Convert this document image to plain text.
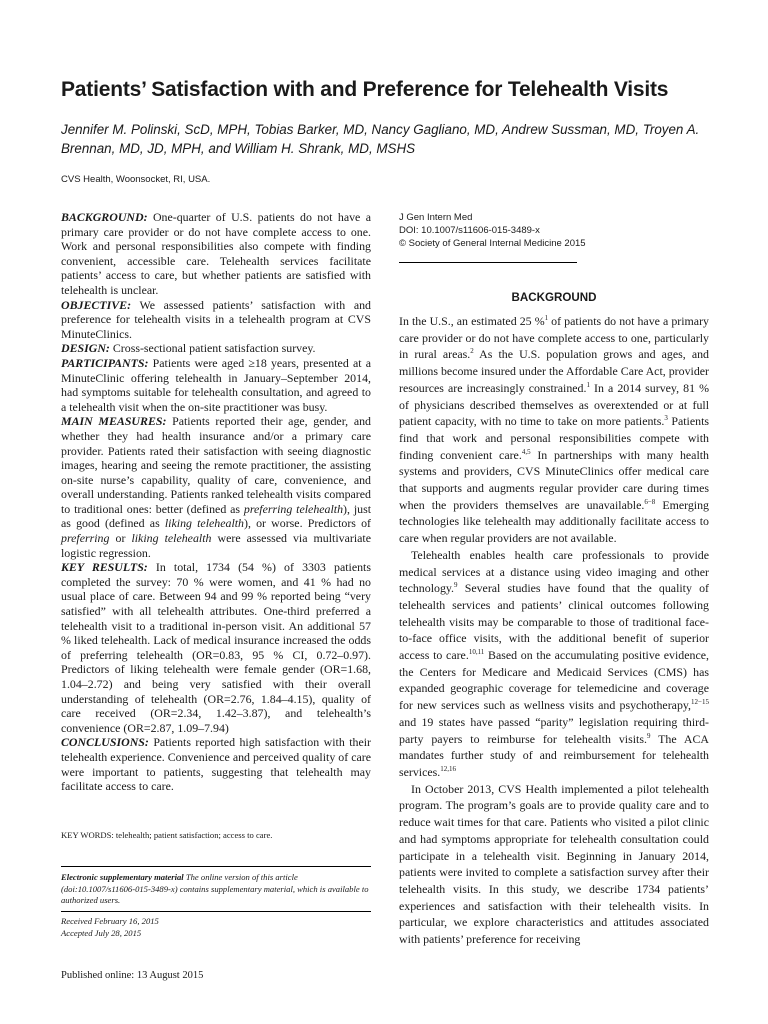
Patients’ Satisfaction with and Preference for Telehealth Visits
Jennifer M. Polinski, ScD, MPH, Tobias Barker, MD, Nancy Gagliano, MD, Andrew Sussman, MD, Troyen A. Brennan, MD, JD, MPH, and William H. Shrank, MD, MSHS
CVS Health, Woonsocket, RI, USA.

BACKGROUND: One-quarter of U.S. patients do not have a primary care provider or do not have complete access to one. Work and personal responsibilities also compete with finding convenient, accessible care. Telehealth services facilitate patients’ access to care, but whether patients are satisfied with telehealth is unclear.

OBJECTIVE: We assessed patients’ satisfaction with and preference for telehealth visits in a telehealth program at CVS MinuteClinics.

DESIGN: Cross-sectional patient satisfaction survey.

PARTICIPANTS: Patients were aged ≥18 years, presented at a MinuteClinic offering telehealth in January–September 2014, had symptoms suitable for telehealth consultation, and agreed to a telehealth visit when the on-site practitioner was busy.

MAIN MEASURES: Patients reported their age, gender, and whether they had health insurance and/or a primary care provider. Patients rated their satisfaction with seeing diagnostic images, hearing and seeing the remote practitioner, the assisting on-site nurse’s capability, quality of care, convenience, and overall understanding. Patients ranked telehealth visits compared to traditional ones: better (defined as preferring telehealth), just as good (defined as liking telehealth), or worse. Predictors of preferring or liking telehealth were assessed via multivariate logistic regression.

KEY RESULTS: In total, 1734 (54 %) of 3303 patients completed the survey: 70 % were women, and 41 % had no usual place of care. Between 94 and 99 % reported being “very satisfied” with all telehealth attributes. One-third preferred a telehealth visit to a traditional in-person visit. An additional 57 % liked telehealth. Lack of medical insurance increased the odds of preferring telehealth (OR=0.83, 95 % CI, 0.72–0.97). Predictors of liking telehealth were female gender (OR=1.68, 1.04–2.72) and being very satisfied with their overall understanding of telehealth (OR=2.76, 1.84–4.15), quality of care received (OR=2.34, 1.42–3.87), and telehealth’s convenience (OR=2.87, 1.09–7.94)

CONCLUSIONS: Patients reported high satisfaction with their telehealth experience. Convenience and perceived quality of care were important to patients, suggesting that telehealth may facilitate access to care.

KEY WORDS: telehealth; patient satisfaction; access to care.
Electronic supplementary material The online version of this article (doi:10.1007/s11606-015-3489-x) contains supplementary material, which is available to authorized users.
Received February 16, 2015
Accepted July 28, 2015
Published online: 13 August 2015
J Gen Intern Med
DOI: 10.1007/s11606-015-3489-x
© Society of General Internal Medicine 2015
BACKGROUND

In the U.S., an estimated 25 %$^1$ of patients do not have a primary care provider or do not have complete access to one, particularly in rural areas.$^2$ As the U.S. population grows and ages, and millions become insured under the Affordable Care Act, provider resources are increasingly constrained.$^1$ In a 2014 survey, 81 % of physicians described themselves as overextended or at full patient capacity, with no time to take on more patients.$^3$ Patients find that work and personal responsibilities compete with finding convenient care.$^{4,5}$ In partnerships with many health systems and providers, CVS MinuteClinics offer medical care that supports and augments regular provider care during times when the providers themselves are unavailable.$^{6-8}$ Emerging technologies like telehealth may additionally facilitate access to care when regular providers are not available.

Telehealth enables health care professionals to provide medical services at a distance using video imaging and other technology.$^9$ Several studies have found that the quality of telehealth services and patients’ clinical outcomes following telehealth visits may be comparable to those of traditional face-to-face office visits, with the additional benefit of superior access to care.$^{10,11}$ Based on the accumulating positive evidence, the Centers for Medicare and Medicaid Services (CMS) has expanded geographic coverage for telemedicine and coverage for new services such as wellness visits and psychotherapy,$^{12-15}$ and 19 states have passed “parity” legislation requiring third-party payers to reimburse for telehealth visits.$^9$ The ACA mandates further study of and reimbursement for telehealth services.$^{12,16}$

In October 2013, CVS Health implemented a pilot telehealth program. The program’s goals are to provide quality care and to reduce wait times for that care. Patients who visited a pilot clinic and had symptoms appropriate for telehealth consultation could participate in a telehealth visit. Beginning in January 2014, patients were invited to complete a satisfaction survey after their telehealth visits. In this study, we describe 1734 patients’ experiences and satisfaction with their telehealth visits. In particular, we explore characteristics and attitudes associated with patients’ preference for receiving
